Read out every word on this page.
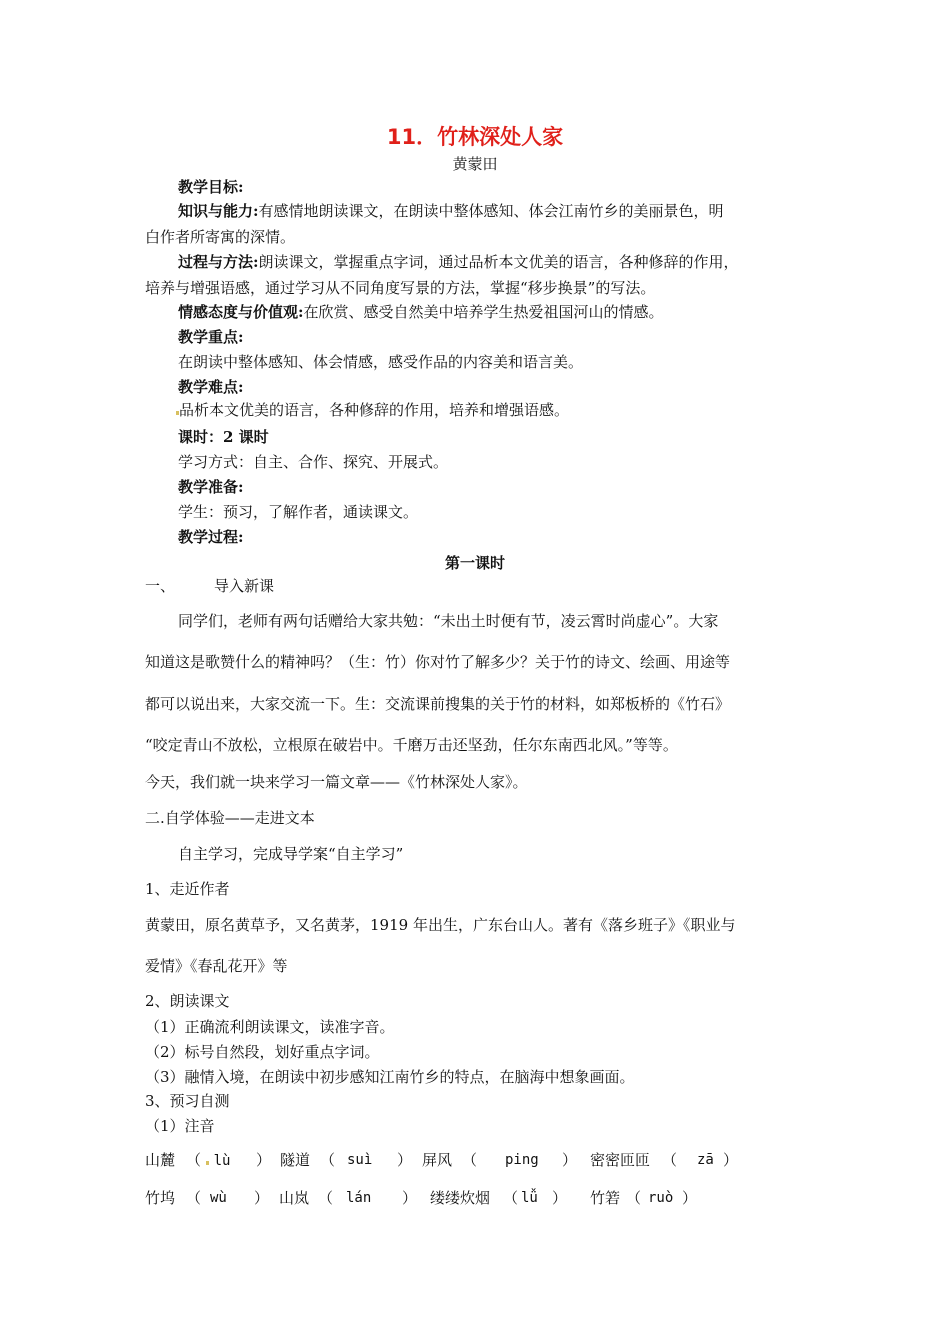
11．竹林深处人家
黄蒙田
教学目标:
知识与能力:有感情地朗读课文，在朗读中整体感知、体会江南竹乡的美丽景色，明
白作者所寄寓的深情。
过程与方法:朗读课文，掌握重点字词，通过品析本文优美的语言，各种修辞的作用，
培养与增强语感，通过学习从不同角度写景的方法，掌握“移步换景”的写法。
情感态度与价值观:在欣赏、感受自然美中培养学生热爱祖国河山的情感。
教学重点:
在朗读中整体感知、体会情感，感受作品的内容美和语言美。
教学难点:
品析本文优美的语言，各种修辞的作用，培养和增强语感。
课时：2 课时
学习方式：自主、合作、探究、开展式。
教学准备:
学生：预习，了解作者，通读课文。
教学过程:
第一课时
一、	导入新课
同学们，老师有两句话赠给大家共勉：“未出土时便有节，凌云霄时尚虚心”。大家
知道这是歌赞什么的精神吗？（生：竹）你对竹了解多少？关于竹的诗文、绘画、用途等
都可以说出来，大家交流一下。生：交流课前搜集的关于竹的材料，如郑板桥的《竹石》
“咬定青山不放松，立根原在破岩中。千磨万击还坚劲，任尔东南西北风。”等等。
今天，我们就一块来学习一篇文章——《竹林深处人家》。
二.自学体验——走进文本
自主学习，完成导学案“自主学习”
1、走近作者
黄蒙田，原名黄草予，又名黄茅，1919 年出生，广东台山人。著有《落乡班子》《职业与
爱情》《春乱花开》等
2、朗读课文
（1）正确流利朗读课文，读准字音。
（2）标号自然段，划好重点字词。
（3）融情入境，在朗读中初步感知江南竹乡的特点，在脑海中想象画面。
3、预习自测
（1）注音
山麓 （  lù ） 隧道 （ suì ） 屏风 （ ping ） 密密匝匝 （ zā ）
竹坞 （ wù ） 山岚 （ lán ） 缕缕炊烟 （ lǚ ） 竹箬 （ ruò ）
